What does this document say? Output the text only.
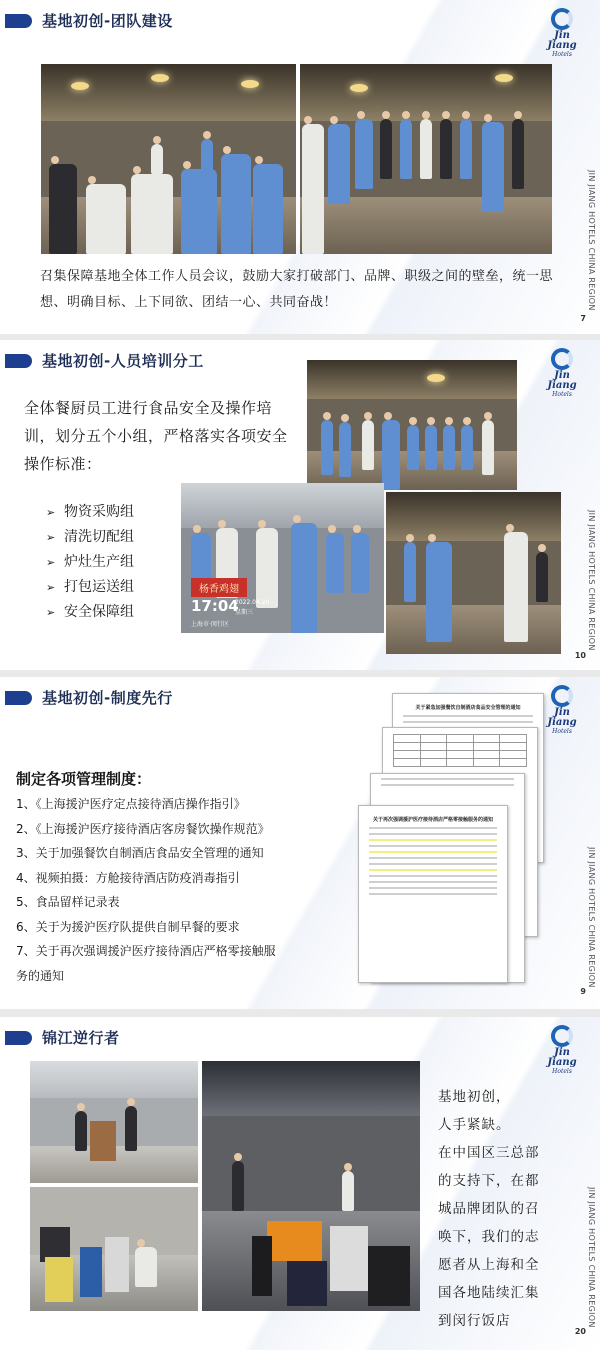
基地初创-团队建设
Jin Jiang
Hotels

召集保障基地全体工作人员会议，鼓励大家打破部门、品牌、职级之间的壁垒，统一思想、明确目标、上下同欲、团结一心、共同奋战！	JIN JIANG HOTELS CHINA REGION
7
基地初创-人员培训分工
Jin Jiang
Hotels

全体餐厨员工进行食品安全及操作培训，划分五个小组，严格落实各项安全操作标准：

➢ 物资采购组
➢ 清洗切配组
➢ 炉灶生产组
➢ 打包运送组
➢ 安全保障组
杨香鸡翅
17:04
2022.04.20
星期三
上海市·闵行区	JIN JIANG HOTELS CHINA REGION
10
基地初创-制度先行
Jin Jiang
Hotels
关于紧急加强餐饮自制酒店食品安全管理的通知

关于再次强调援沪医疗接待酒店严格零接触服务的通知
JIN JIANG HOTELS CHINA REGION
9
制定各项管理制度：
1、《上海援沪医疗定点接待酒店操作指引》
2、《上海援沪医疗接待酒店客房餐饮操作规范》
3、关于加强餐饮自制酒店食品安全管理的通知
4、视频拍摄：方舱接待酒店防疫消毒指引
5、食品留样记录表
6、关于为援沪医疗队提供自制早餐的要求
7、关于再次强调援沪医疗接待酒店严格零接触服
务的通知
锦江逆行者
Jin Jiang
Hotels
基地初创，
人手紧缺。
在中国区三总部
的支持下，在都
城品牌团队的召
唤下，我们的志
愿者从上海和全
国各地陆续汇集
到闵行饭店	JIN JIANG HOTELS CHINA REGION
20
